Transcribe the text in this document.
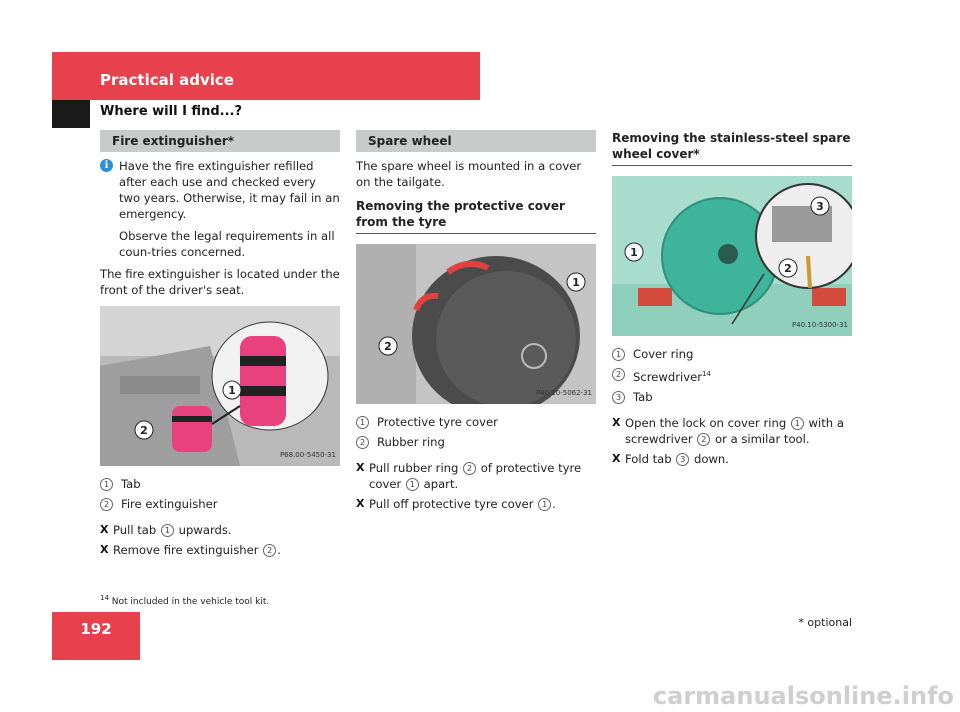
Practical advice
Where will I find...?
Fire extinguisher*
i Have the fire extinguisher refilled after each use and checked every two years. Otherwise, it may fail in an emergency.

Observe the legal requirements in all coun-tries concerned.

The fire extinguisher is located under the front of the driver's seat.

1
2
P68.00-5450-31
1	Tab
2	Fire extinguisher
X Pull tab 1 upwards.
X Remove fire extinguisher 2 .
Spare wheel

The spare wheel is mounted in a cover on the tailgate.

Removing the protective cover from the tyre
1
2
P40.10-5062-31
1	Protective tyre cover
2	Rubber ring
X Pull rubber ring 2 of protective tyre cover 1 apart.
X Pull off protective tyre cover 1 .
Removing the stainless-steel spare wheel cover*
1
2
3
P40.10-5300-31
1	Cover ring
2	Screwdriver$^{14}$
3	Tab
X Open the lock on cover ring 1 with a screwdriver 2 or a similar tool.
X Fold tab 3 down.
$^{14}$ Not included in the vehicle tool kit.
192	* optional
carmanualsonline.info
